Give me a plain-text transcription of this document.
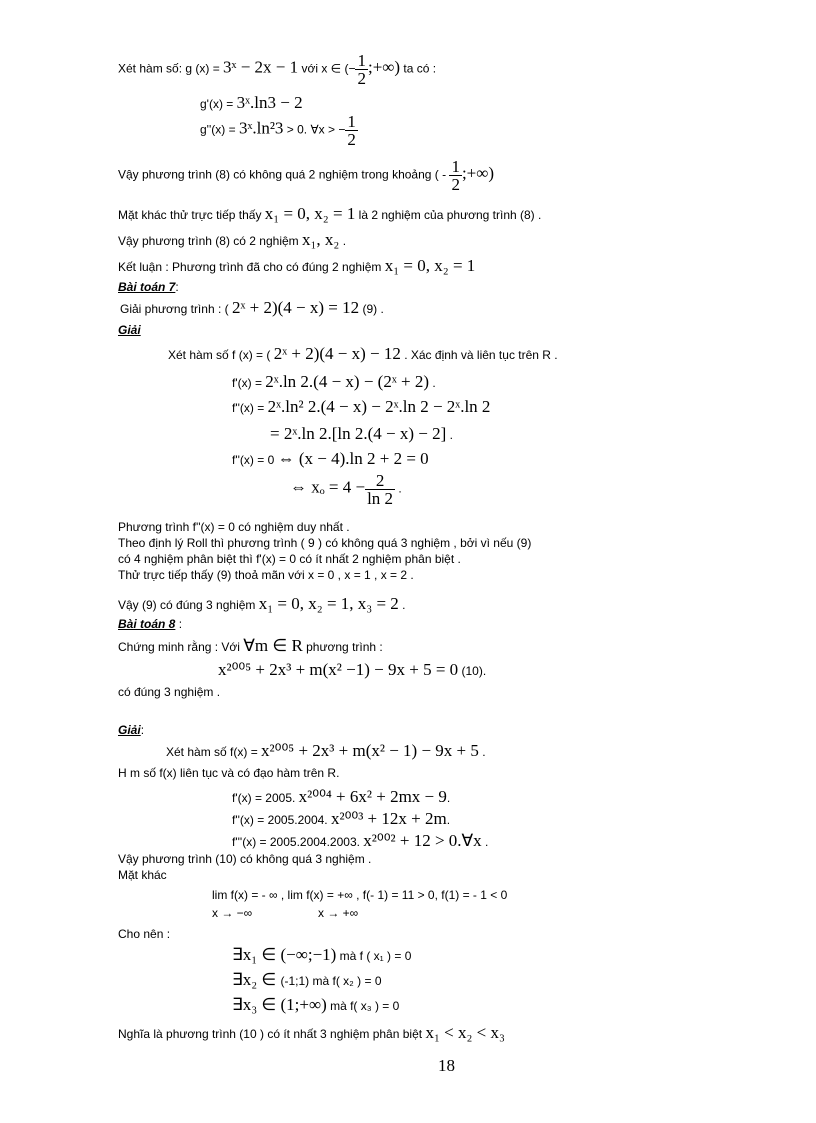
Xét hàm số: g (x) = 3ˣ − 2x − 1 với x ∈ (− $\frac{1}{2}$ ;+∞) ta có :
g'(x) = 3ˣ.ln3 − 2
g''(x) = 3ˣ.ln²3 > 0. ∀x > − $\frac{1}{2}$
Vậy phương trình (8) có không quá 2 nghiệm trong khoảng ( - $\frac{1}{2}$ ;+∞)
Mặt khác thử trực tiếp thấy x₁ = 0, x₂ = 1 là 2 nghiệm của phương trình (8) .
Vậy phương trình (8) có 2 nghiệm x₁, x₂ .
Kết luận : Phương trình đã cho có đúng 2 nghiệm x₁ = 0, x₂ = 1
Bài toán 7:
Giải phương trình : ( 2ˣ + 2)(4 − x) = 12 (9) .
Giải
Xét hàm số f (x) = ( 2ˣ + 2)(4 − x) − 12 . Xác định và liên tục trên R .
f'(x) = 2ˣ.ln 2.(4 − x) − (2ˣ + 2) .
f''(x) = 2ˣ.ln² 2.(4 − x) − 2ˣ.ln 2 − 2ˣ.ln 2
= 2ˣ.ln 2.[ln 2.(4 − x) − 2] .
f''(x) = 0 ⇔ (x − 4).ln 2 + 2 = 0
⇔ $x_o = 4 - \frac{2}{\ln 2}$ .
Phương trình f''(x) = 0 có nghiệm duy nhất .
Theo định lý Roll thì phương trình ( 9 ) có không quá 3 nghiệm , bởi vì nếu (9)
có 4 nghiệm phân biệt thì f'(x) = 0 có ít nhất 2 nghiệm phân biệt .
Thử trực tiếp thấy (9) thoả mãn với x = 0 , x = 1 , x = 2 .
Vậy (9) có đúng 3 nghiệm x₁ = 0, x₂ = 1, x₃ = 2 .
Bài toán 8 :
Chứng minh rằng : Với ∀m ∈ R phương trình :
x²⁰⁰⁵ + 2x³ + m(x² −1) − 9x + 5 = 0 (10).
có đúng 3 nghiệm .
Giải:
Xét hàm số f(x) = x²⁰⁰⁵ + 2x³ + m(x² − 1) − 9x + 5 .
H m số f(x) liên tục và có đạo hàm trên R.
f'(x) = 2005. x²⁰⁰⁴ + 6x² + 2mx − 9.
f''(x) = 2005.2004. x²⁰⁰³ + 12x + 2m.
f'''(x) = 2005.2004.2003. x²⁰⁰² + 12 > 0.∀x .
Vậy phương trình (10) có không quá 3 nghiệm .
Mặt khác
lim f(x) = - ∞ , lim f(x) = +∞ , f(- 1) = 11 > 0, f(1) = - 1 < 0
x → −∞	x → +∞
Cho nên :
∃x₁ ∈ (−∞;−1) mà f ( x₁ ) = 0
∃x₂ ∈ (-1;1) mà f( x₂ ) = 0
∃x₃ ∈ (1;+∞) mà f( x₃ ) = 0
Nghĩa là phương trình (10 ) có ít nhất 3 nghiệm phân biệt x₁ < x₂ < x₃
18
